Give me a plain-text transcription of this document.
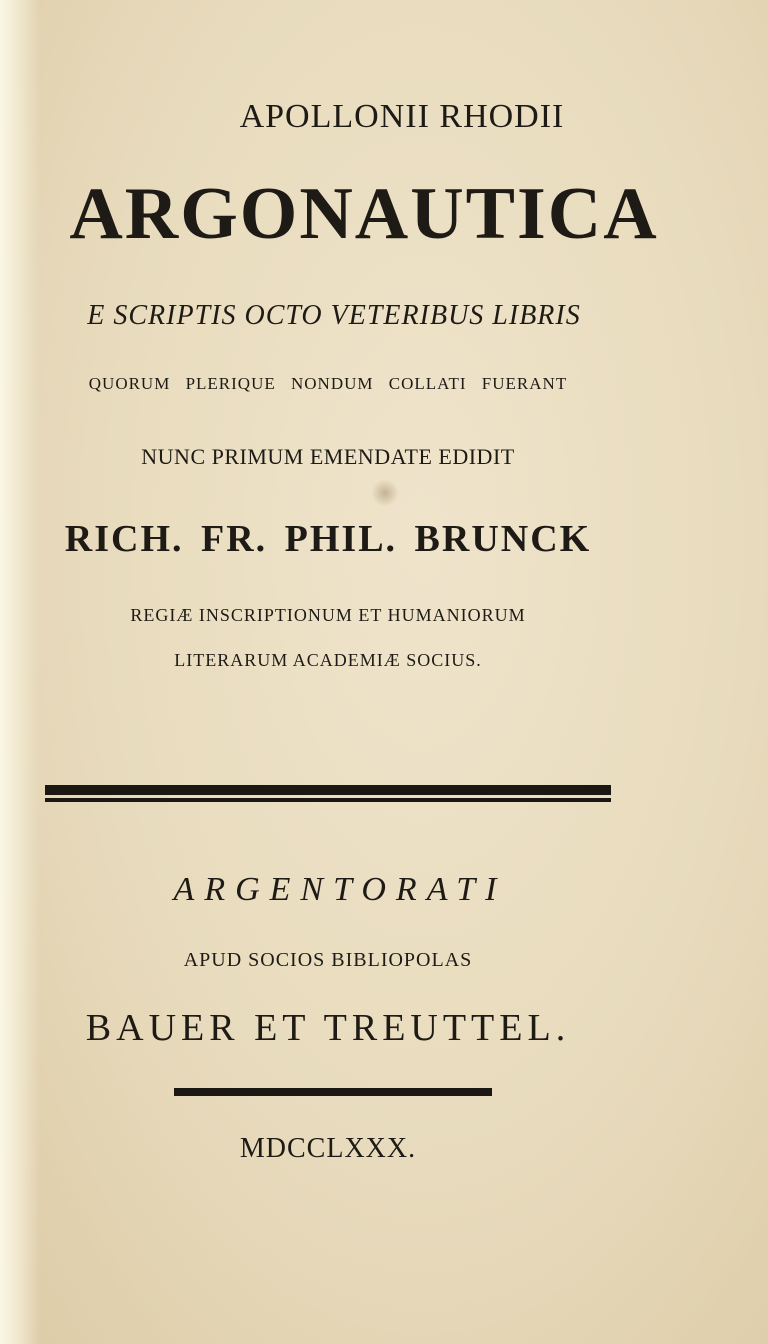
APOLLONII RHODII

ARGONAUTICA

E SCRIPTIS OCTO VETERIBUS LIBRIS

QUORUM PLERIQUE NONDUM COLLATI FUERANT

NUNC PRIMUM EMENDATE EDIDIT

RICH. FR. PHIL. BRUNCK

REGIÆ INSCRIPTIONUM ET HUMANIORUM

LITERARUM ACADEMIÆ SOCIUS.

ARGENTORATI

APUD SOCIOS BIBLIOPOLAS

BAUER ET TREUTTEL.

MDCCLXXX.
